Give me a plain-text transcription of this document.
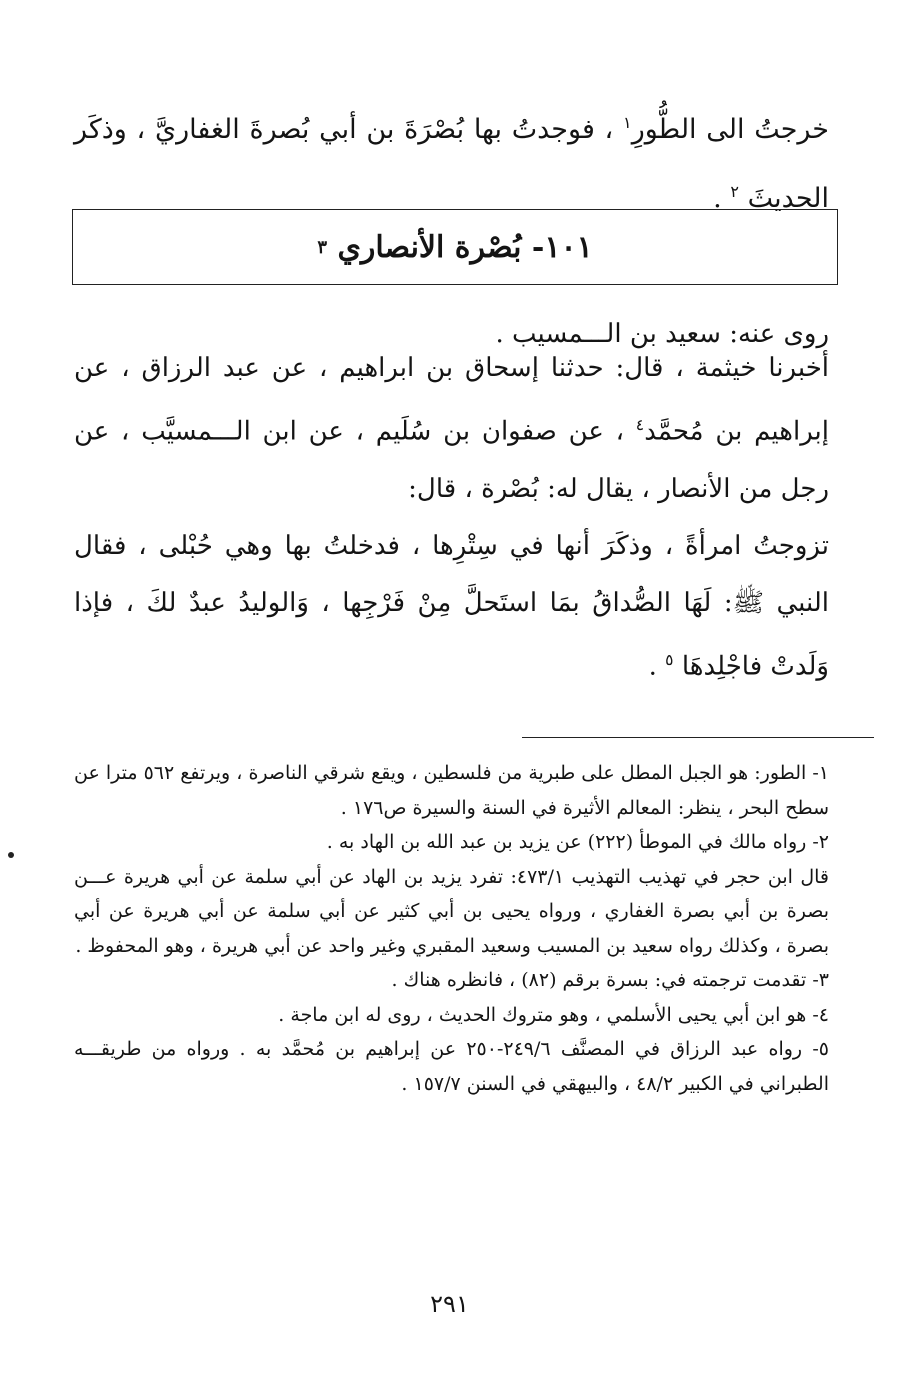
خرجتُ الى الطُّورِ$^١$ ، فوجدتُ بها بُصْرَةَ بن أبي بُصرةَ الغفاريَّ ، وذكَر الحديثَ $^٢$ .

١٠١- بُصْرة الأنصاري

٣

روى عنه: سعيد بن الـــمسيب .

أخبرنا خيثمة ، قال: حدثنا إسحاق بن ابراهيم ، عن عبد الرزاق ، عن إبراهيم بن مُحمَّد$^٤$ ، عن صفوان بن سُلَيم ، عن ابن الـــمسيَّب ، عن رجل من الأنصار ، يقال له: بُصْرة ، قال:

تزوجتُ امرأةً ، وذكَرَ أنها في سِتْرِها ، فدخلتُ بها وهي حُبْلى ، فقال النبي ﷺ: لَهَا الصُّداقُ بمَا استَحلَّ مِنْ فَرْجِها ، وَالوليدُ عبدٌ لكَ ، فإذا وَلَدتْ فاجْلِدهَا $^٥$ .

١- الطور: هو الجبل المطل على طبرية من فلسطين ، ويقع شرقي الناصرة ، ويرتفع ٥٦٢ مترا عن سطح البحر ، ينظر: المعالم الأثيرة في السنة والسيرة ص١٧٦ .

٢- رواه مالك في الموطأ (٢٢٢) عن يزيد بن عبد الله بن الهاد به .

قال ابن حجر في تهذيب التهذيب ٤٧٣/١: تفرد يزيد بن الهاد عن أبي سلمة عن أبي هريرة عـــن بصرة بن أبي بصرة الغفاري ، ورواه يحيى بن أبي كثير عن أبي سلمة عن أبي هريرة عن أبي بصرة ، وكذلك رواه سعيد بن المسيب وسعيد المقبري وغير واحد عن أبي هريرة ، وهو المحفوظ .

٣- تقدمت ترجمته في: بسرة برقم (٨٢) ، فانظره هناك .

٤- هو ابن أبي يحيى الأسلمي ، وهو متروك الحديث ، روى له ابن ماجة .

٥- رواه عبد الرزاق في المصنَّف ٢٤٩/٦-٢٥٠ عن إبراهيم بن مُحمَّد به . ورواه من طريقـــه الطبراني في الكبير ٤٨/٢ ، والبيهقي في السنن ١٥٧/٧ .

٢٩١
